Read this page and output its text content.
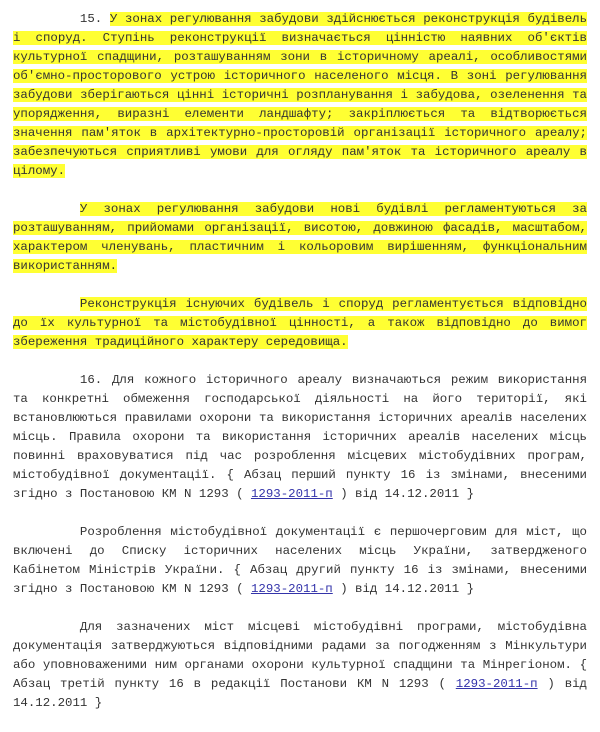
15. У зонах регулювання забудови здійснюється реконструкція будівель і споруд. Ступінь реконструкції визначається цінністю наявних об'єктів культурної спадщини, розташуванням зони в історичному ареалі, особливостями об'ємно-просторового устрою історичного населеного місця. В зоні регулювання забудови зберігаються цінні історичні розпланування і забудова, озеленення та упорядження, виразні елементи ландшафту; закріплюється та відтворюється значення пам'яток в архітектурно-просторовій організації історичного ареалу; забезпечуються сприятливі умови для огляду пам'яток та історичного ареалу в цілому.

У зонах регулювання забудови нові будівлі регламентуються за розташуванням, прийомами організації, висотою, довжиною фасадів, масштабом, характером членувань, пластичним і кольоровим вирішенням, функціональним використанням.

Реконструкція існуючих будівель і споруд регламентується відповідно до їх культурної та містобудівної цінності, а також відповідно до вимог збереження традиційного характеру середовища.

16. Для кожного історичного ареалу визначаються режим використання та конкретні обмеження господарської діяльності на його території, які встановлюються правилами охорони та використання історичних ареалів населених місць. Правила охорони та використання історичних ареалів населених місць повинні враховуватися під час розроблення місцевих містобудівних програм, містобудівної документації. { Абзац перший пункту 16 із змінами, внесеними згідно з Постановою КМ N 1293 ( 1293-2011-п ) від 14.12.2011 }

Розроблення містобудівної документації є першочерговим для міст, що включені до Списку історичних населених місць України, затвердженого Кабінетом Міністрів України. { Абзац другий пункту 16 із змінами, внесеними згідно з Постановою КМ N 1293 ( 1293-2011-п ) від 14.12.2011 }

Для зазначених міст місцеві містобудівні програми, містобудівна документація затверджуються відповідними радами за погодженням з Мінкультури або уповноваженими ним органами охорони культурної спадщини та Мінрегіоном. { Абзац третій пункту 16 в редакції Постанови КМ N 1293 ( 1293-2011-п ) від 14.12.2011 }
